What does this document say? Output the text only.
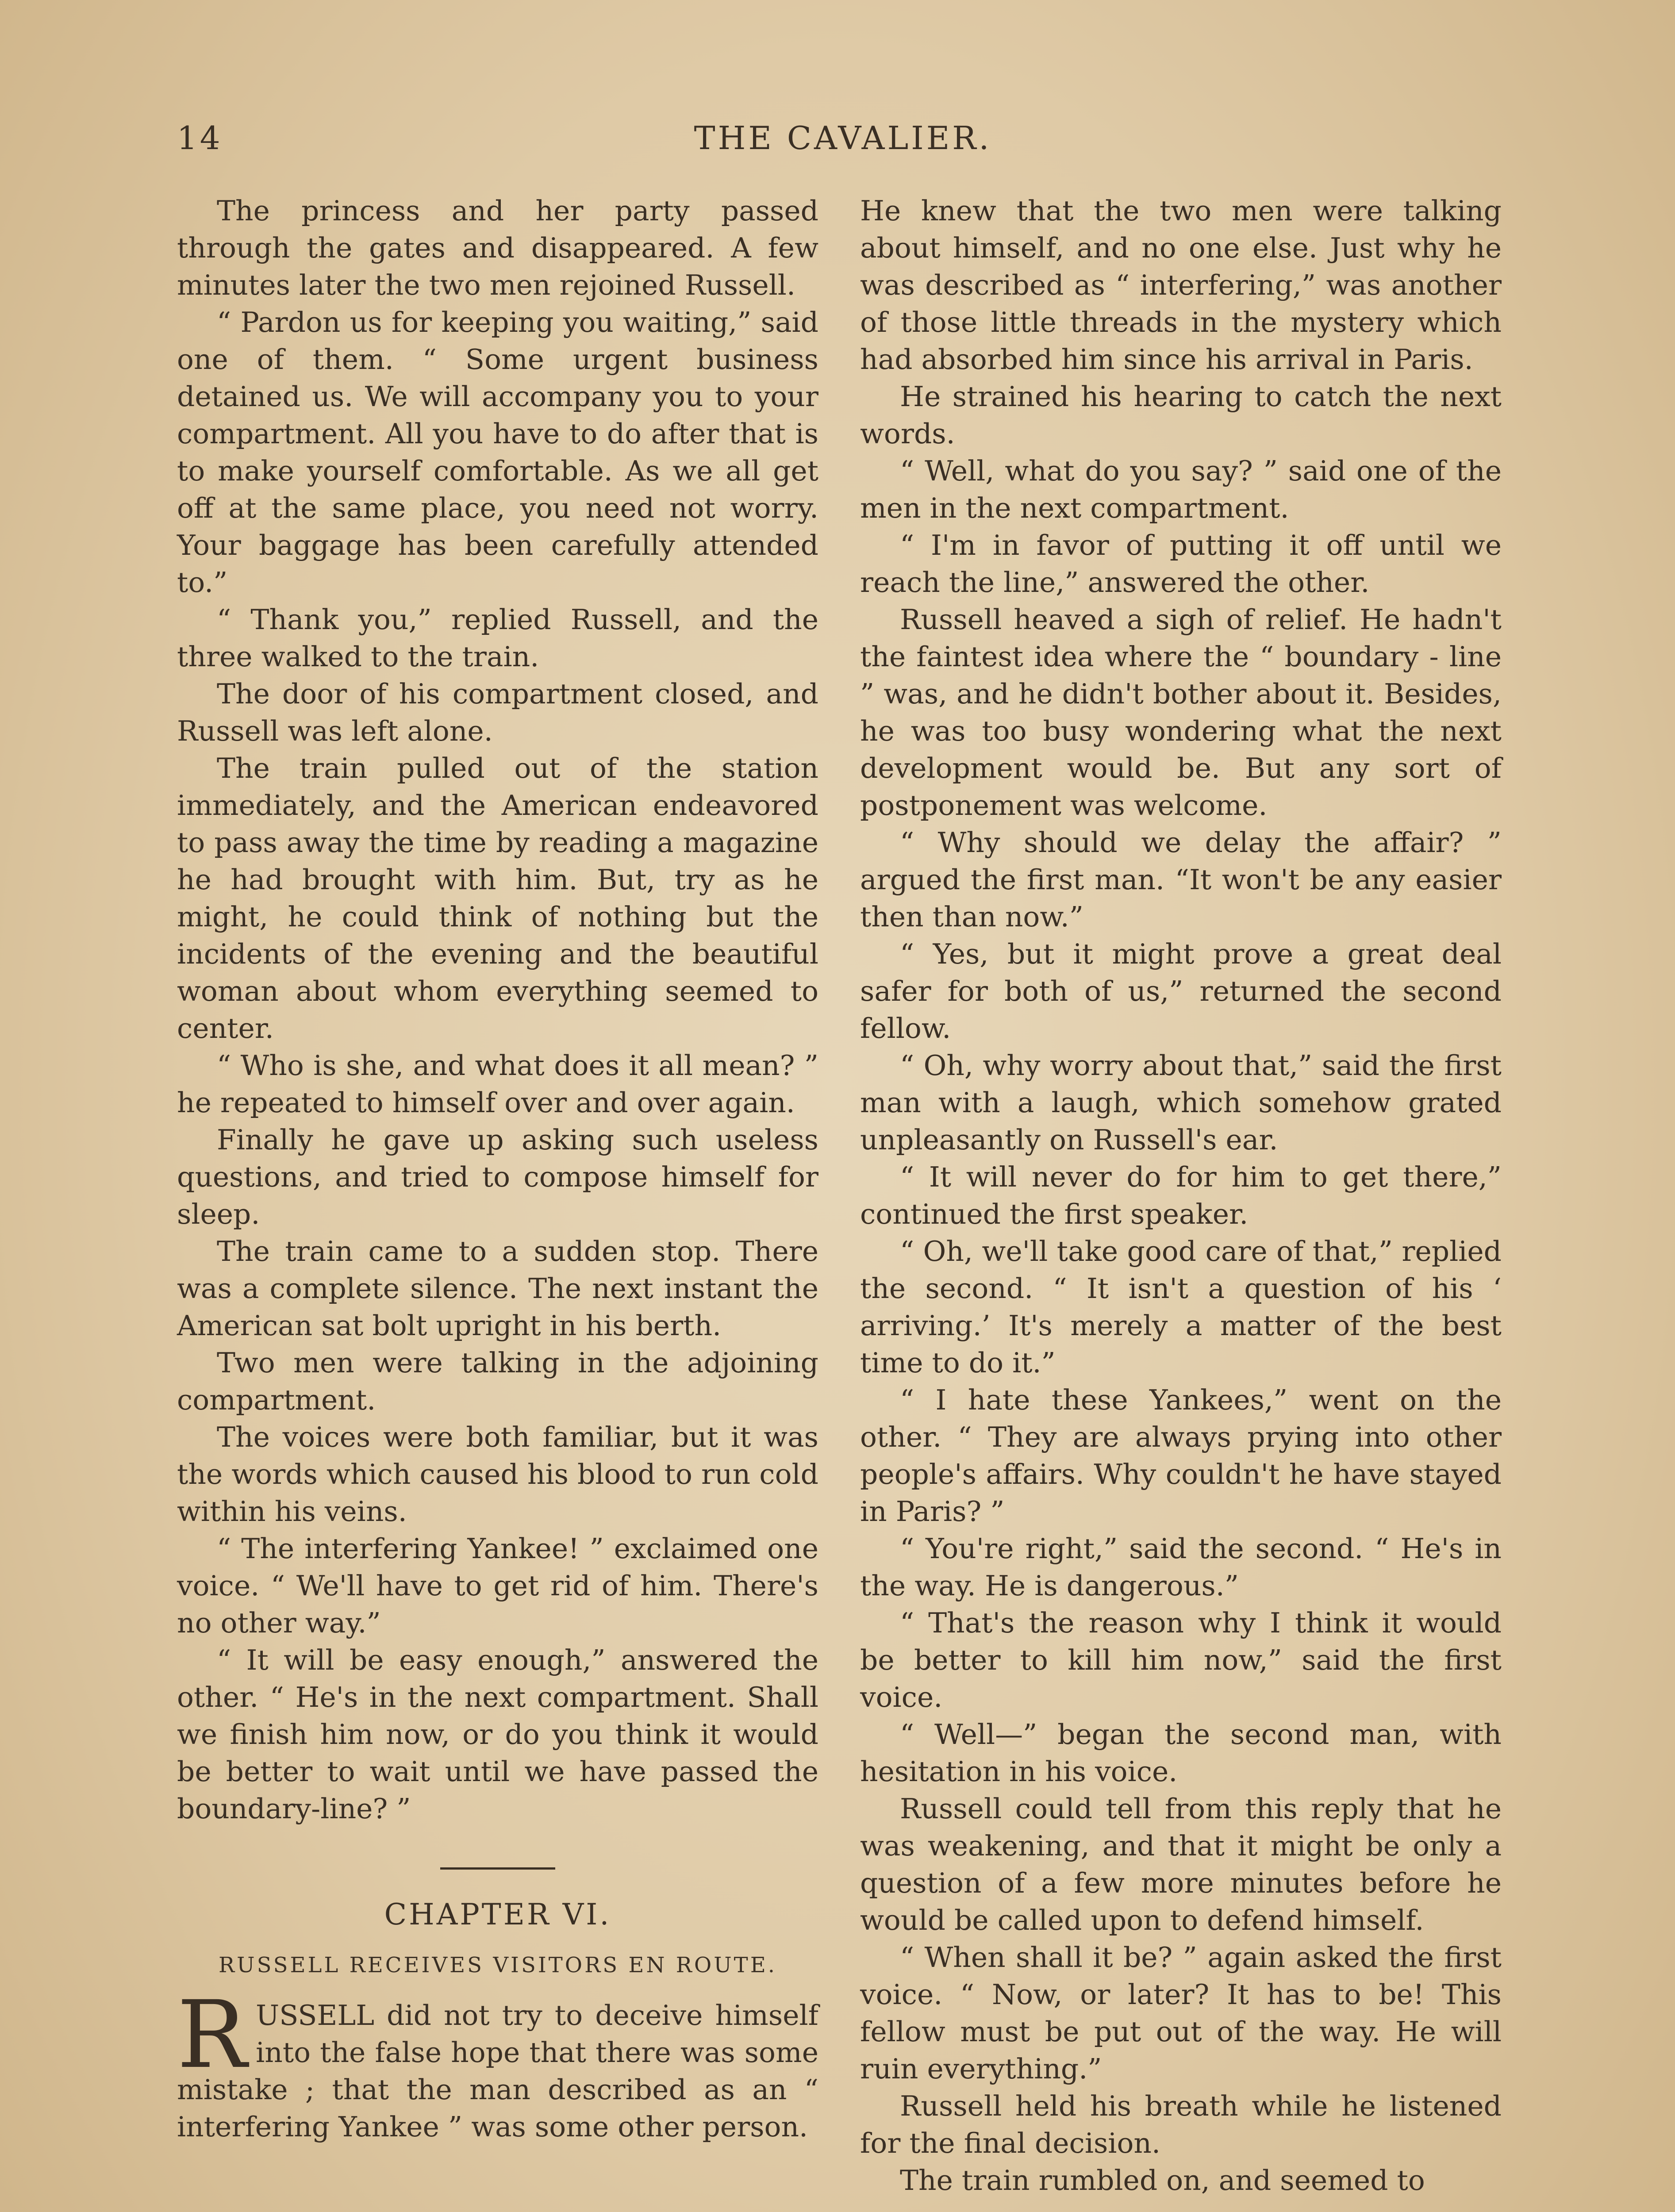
14	THE CAVALIER.

The princess and her party passed through the gates and disappeared. A few minutes later the two men rejoined Russell.

“ Pardon us for keeping you waiting,” said one of them. “ Some urgent business detained us. We will accompany you to your compartment. All you have to do after that is to make yourself comfortable. As we all get off at the same place, you need not worry. Your baggage has been carefully attended to.”

“ Thank you,” replied Russell, and the three walked to the train.

The door of his compartment closed, and Russell was left alone.

The train pulled out of the station immediately, and the American endeavored to pass away the time by reading a magazine he had brought with him. But, try as he might, he could think of nothing but the incidents of the evening and the beautiful woman about whom everything seemed to center.

“ Who is she, and what does it all mean? ” he repeated to himself over and over again.

Finally he gave up asking such useless questions, and tried to compose himself for sleep.

The train came to a sudden stop. There was a complete silence. The next instant the American sat bolt upright in his berth.

Two men were talking in the adjoining compartment.

The voices were both familiar, but it was the words which caused his blood to run cold within his veins.

“ The interfering Yankee! ” exclaimed one voice. “ We'll have to get rid of him. There's no other way.”

“ It will be easy enough,” answered the other. “ He's in the next compartment. Shall we finish him now, or do you think it would be better to wait until we have passed the boundary-line? ”

CHAPTER VI.
RUSSELL RECEIVES VISITORS EN ROUTE.

RUSSELL did not try to deceive himself into the false hope that there was some mistake ; that the man described as an “ interfering Yankee ” was some other person.

He knew that the two men were talking about himself, and no one else. Just why he was described as “ interfering,” was another of those little threads in the mystery which had absorbed him since his arrival in Paris.

He strained his hearing to catch the next words.

“ Well, what do you say? ” said one of the men in the next compartment.

“ I'm in favor of putting it off until we reach the line,” answered the other.

Russell heaved a sigh of relief. He hadn't the faintest idea where the “ boundary - line ” was, and he didn't bother about it. Besides, he was too busy wondering what the next development would be. But any sort of postponement was welcome.

“ Why should we delay the affair? ” argued the first man. “It won't be any easier then than now.”

“ Yes, but it might prove a great deal safer for both of us,” returned the second fellow.

“ Oh, why worry about that,” said the first man with a laugh, which somehow grated unpleasantly on Russell's ear.

“ It will never do for him to get there,” continued the first speaker.

“ Oh, we'll take good care of that,” replied the second. “ It isn't a question of his ‘ arriving.’ It's merely a matter of the best time to do it.”

“ I hate these Yankees,” went on the other. “ They are always prying into other people's affairs. Why couldn't he have stayed in Paris? ”

“ You're right,” said the second. “ He's in the way. He is dangerous.”

“ That's the reason why I think it would be better to kill him now,” said the first voice.

“ Well—” began the second man, with hesitation in his voice.

Russell could tell from this reply that he was weakening, and that it might be only a question of a few more minutes before he would be called upon to defend himself.

“ When shall it be? ” again asked the first voice. “ Now, or later? It has to be! This fellow must be put out of the way. He will ruin everything.”

Russell held his breath while he listened for the final decision.

The train rumbled on, and seemed to
